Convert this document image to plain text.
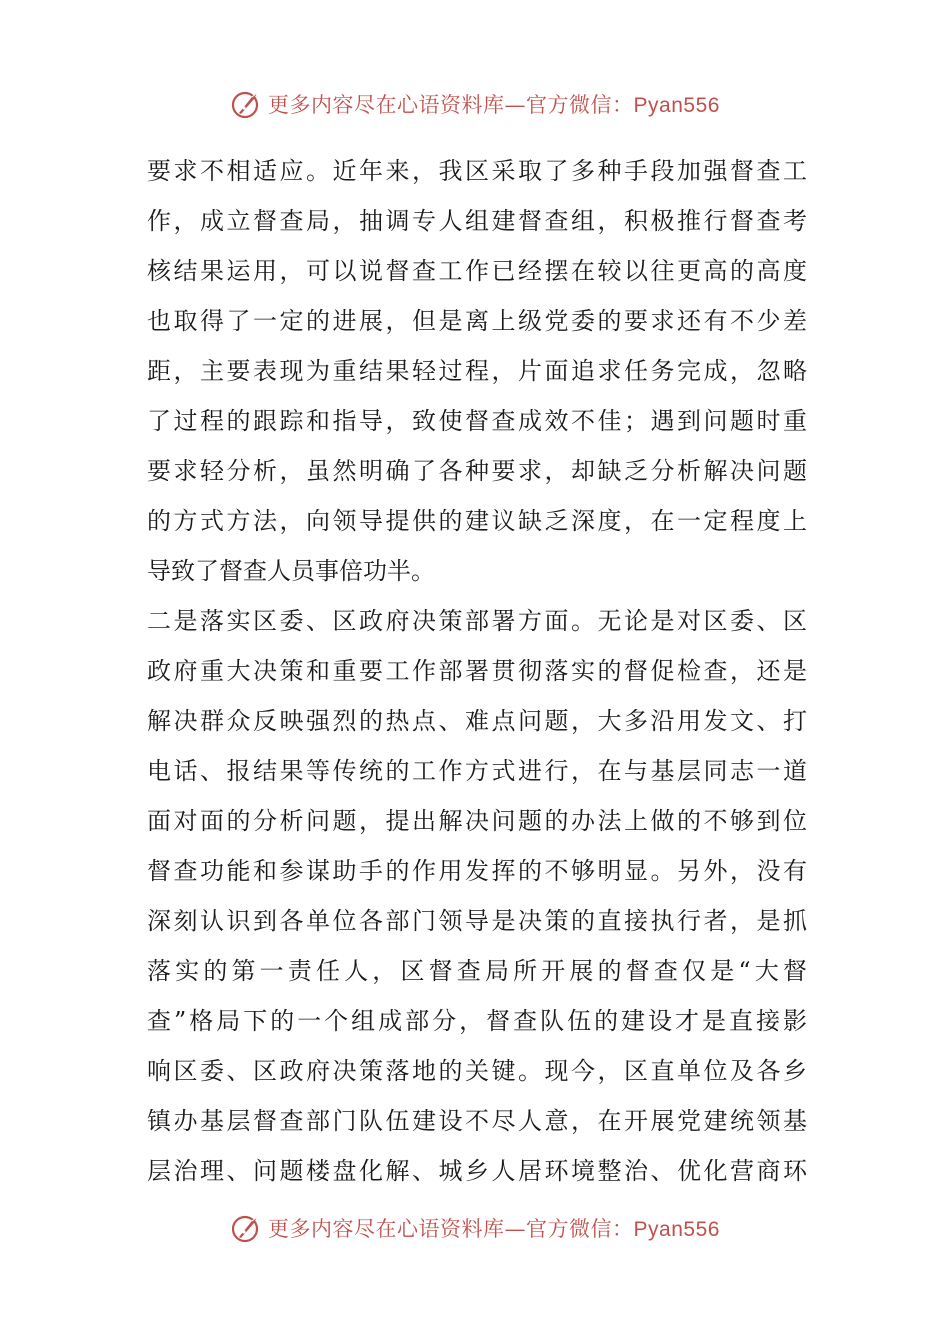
更多内容尽在心语资料库—官方微信：Pyan556
要求不相适应。近年来，我区采取了多种手段加强督查工
作，成立督查局，抽调专人组建督查组，积极推行督查考
核结果运用，可以说督查工作已经摆在较以往更高的高度
也取得了一定的进展，但是离上级党委的要求还有不少差
距，主要表现为重结果轻过程，片面追求任务完成，忽略
了过程的跟踪和指导，致使督查成效不佳；遇到问题时重
要求轻分析，虽然明确了各种要求，却缺乏分析解决问题
的方式方法，向领导提供的建议缺乏深度，在一定程度上
导致了督查人员事倍功半。
二是落实区委、区政府决策部署方面。无论是对区委、区
政府重大决策和重要工作部署贯彻落实的督促检查，还是
解决群众反映强烈的热点、难点问题，大多沿用发文、打
电话、报结果等传统的工作方式进行，在与基层同志一道
面对面的分析问题，提出解决问题的办法上做的不够到位
督查功能和参谋助手的作用发挥的不够明显。另外，没有
深刻认识到各单位各部门领导是决策的直接执行者，是抓
落实的第一责任人，区督查局所开展的督查仅是“大督
查”格局下的一个组成部分，督查队伍的建设才是直接影
响区委、区政府决策落地的关键。现今，区直单位及各乡
镇办基层督查部门队伍建设不尽人意，在开展党建统领基
层治理、问题楼盘化解、城乡人居环境整治、优化营商环
更多内容尽在心语资料库—官方微信：Pyan556
